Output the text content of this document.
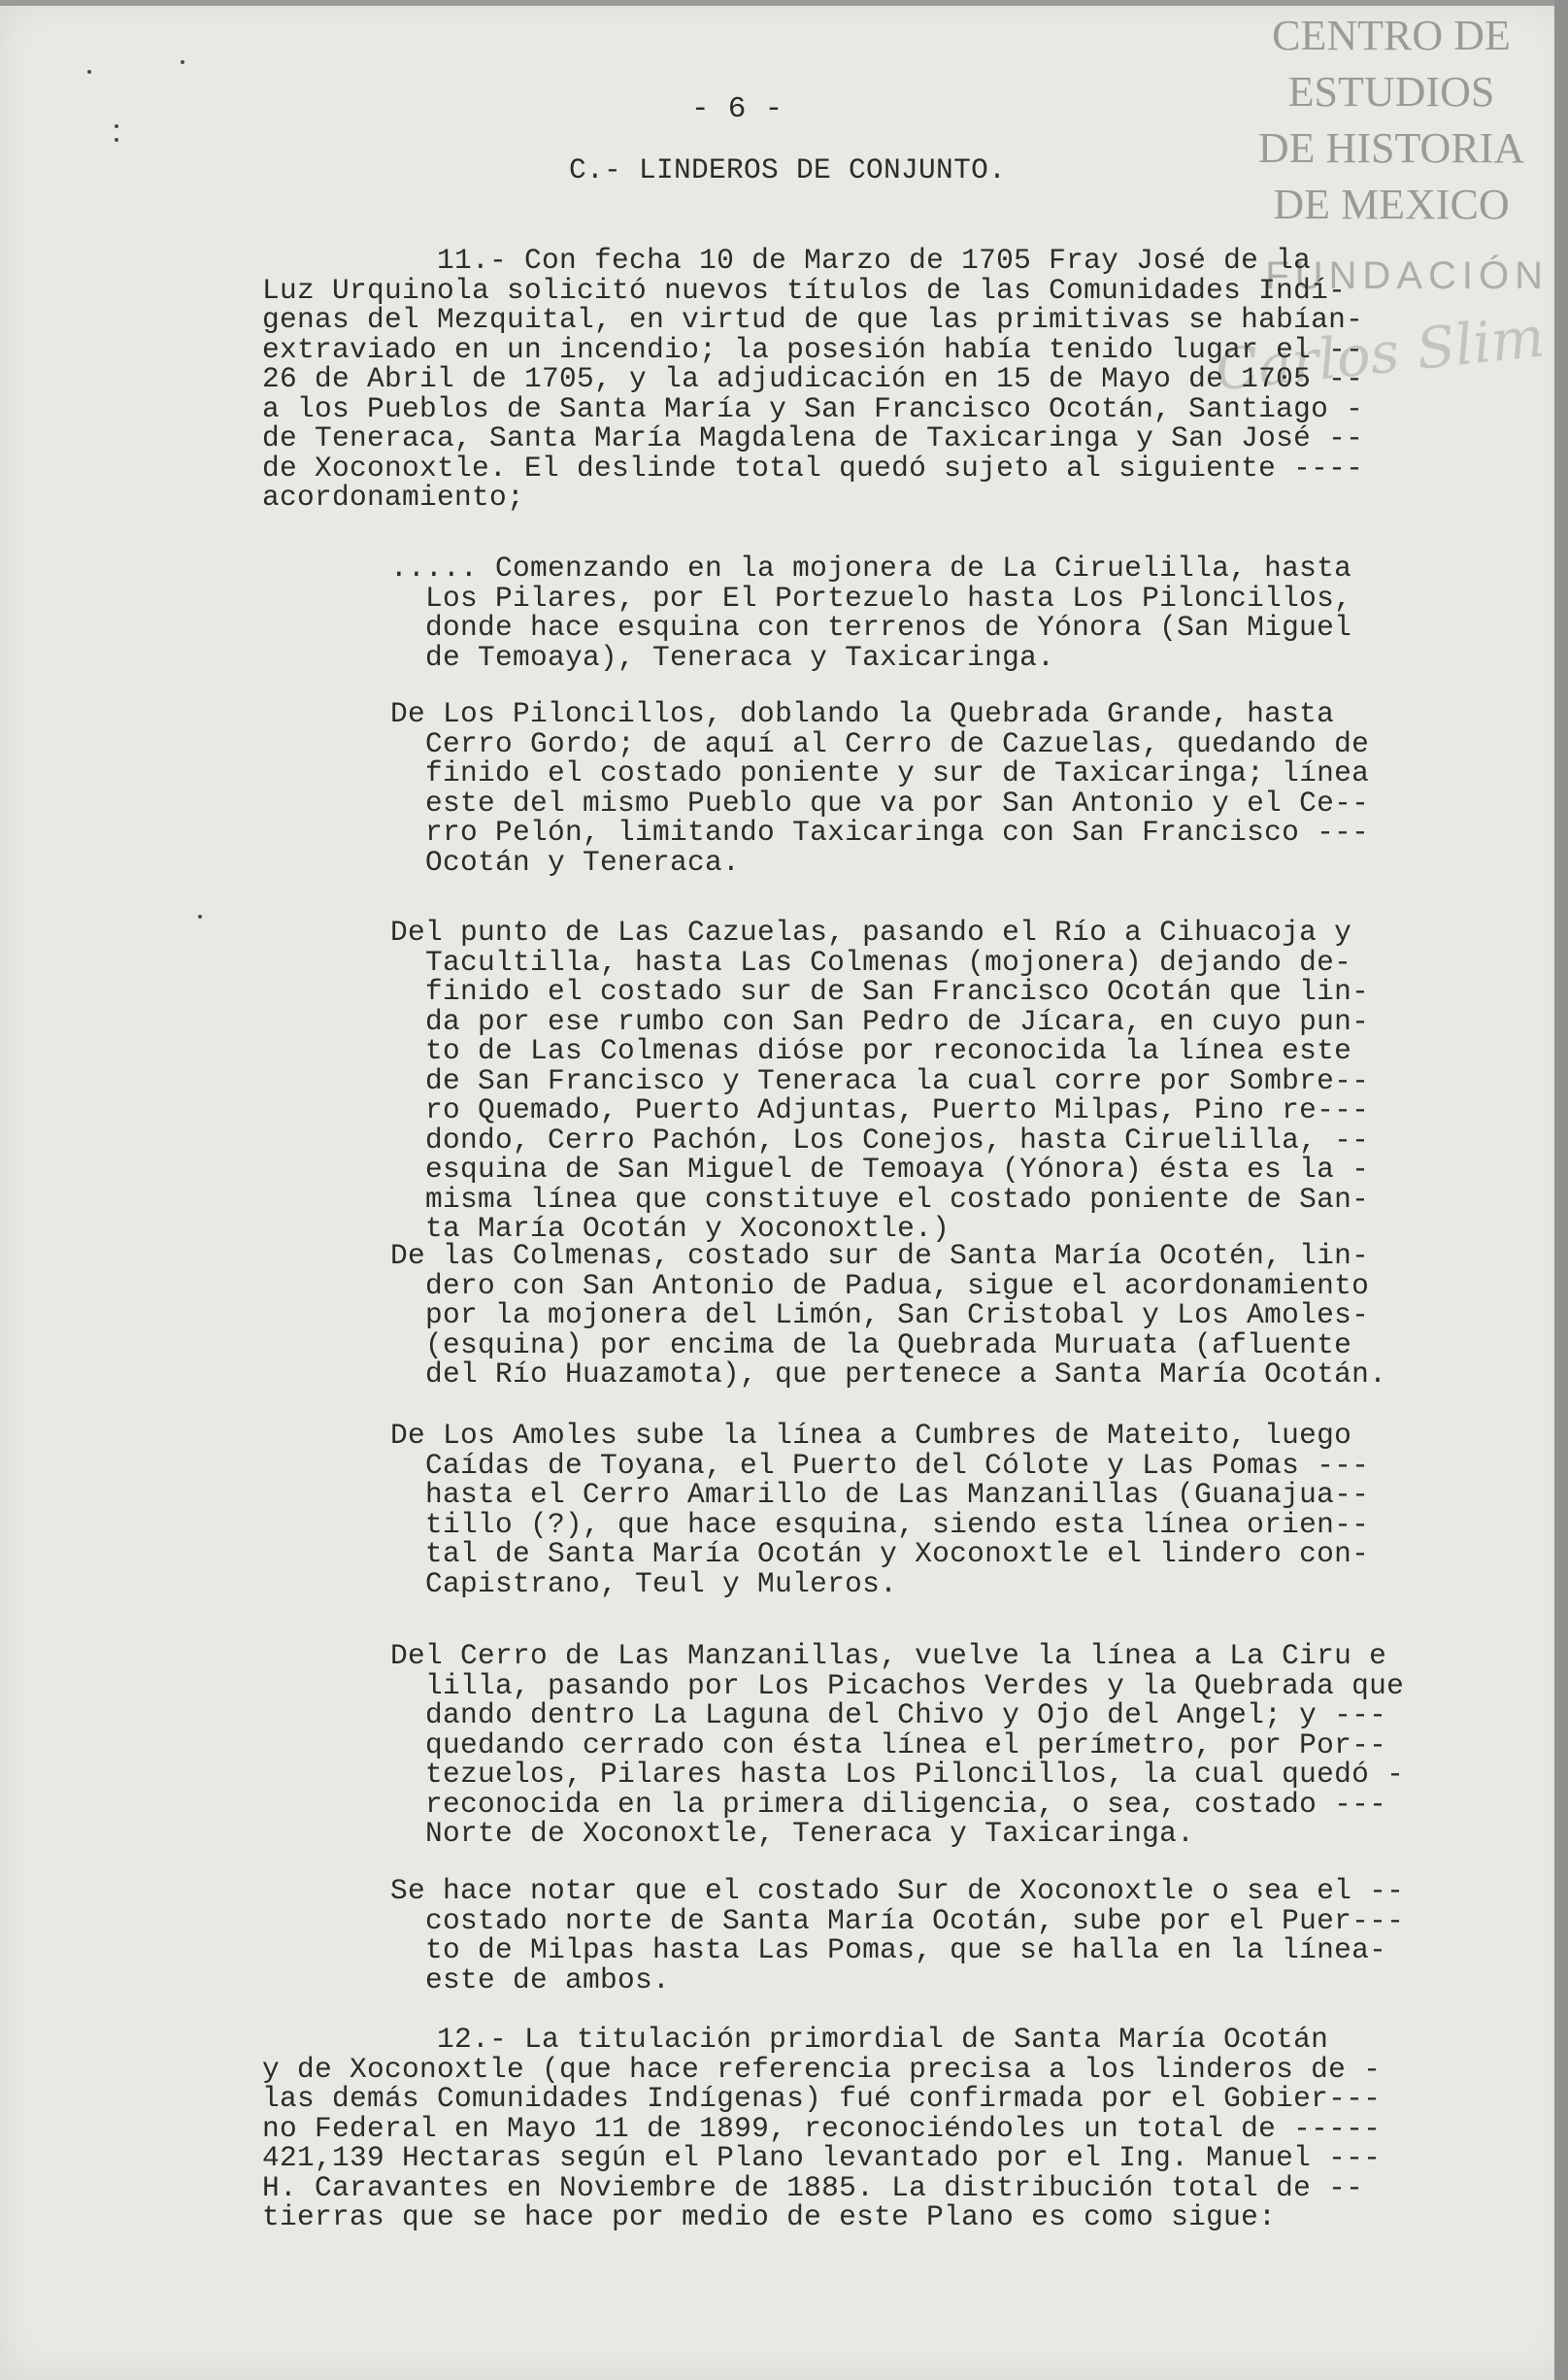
CENTRO DE
ESTUDIOS
DE HISTORIA
DE MEXICO
FUNDACIÓN
Carlos Slim

- 6 -

C.- LINDEROS DE CONJUNTO.

11.- Con fecha 10 de Marzo de 1705 Fray José de la
Luz Urquinola solicitó nuevos títulos de las Comunidades Indí-
genas del Mezquital, en virtud de que las primitivas se habían-
extraviado en un incendio; la posesión había tenido lugar el --
26 de Abril de 1705, y la adjudicación en 15 de Mayo de 1705 --
a los Pueblos de Santa María y San Francisco Ocotán, Santiago -
de Teneraca, Santa María Magdalena de Taxicaringa y San José --
de Xoconoxtle. El deslinde total quedó sujeto al siguiente ----
acordonamiento;

..... Comenzando en la mojonera de La Ciruelilla, hasta
Los Pilares, por El Portezuelo hasta Los Piloncillos,
donde hace esquina con terrenos de Yónora (San Miguel
de Temoaya), Teneraca y Taxicaringa.

De Los Piloncillos, doblando la Quebrada Grande, hasta
Cerro Gordo; de aquí al Cerro de Cazuelas, quedando de
finido el costado poniente y sur de Taxicaringa; línea
este del mismo Pueblo que va por San Antonio y el Ce--
rro Pelón, limitando Taxicaringa con San Francisco ---
Ocotán y Teneraca.

Del punto de Las Cazuelas, pasando el Río a Cihuacoja y
Tacultilla, hasta Las Colmenas (mojonera) dejando de-
finido el costado sur de San Francisco Ocotán que lin-
da por ese rumbo con San Pedro de Jícara, en cuyo pun-
to de Las Colmenas dióse por reconocida la línea este
de San Francisco y Teneraca la cual corre por Sombre--
ro Quemado, Puerto Adjuntas, Puerto Milpas, Pino re---
dondo, Cerro Pachón, Los Conejos, hasta Ciruelilla, --
esquina de San Miguel de Temoaya (Yónora) ésta es la -
misma línea que constituye el costado poniente de San-
ta María Ocotán y Xoconoxtle.)

De las Colmenas, costado sur de Santa María Ocotén, lin-
dero con San Antonio de Padua, sigue el acordonamiento
por la mojonera del Limón, San Cristobal y Los Amoles-
(esquina) por encima de la Quebrada Muruata (afluente
del Río Huazamota), que pertenece a Santa María Ocotán.

De Los Amoles sube la línea a Cumbres de Mateito, luego
Caídas de Toyana, el Puerto del Cólote y Las Pomas ---
hasta el Cerro Amarillo de Las Manzanillas (Guanajua--
tillo (?), que hace esquina, siendo esta línea orien--
tal de Santa María Ocotán y Xoconoxtle el lindero con-
Capistrano, Teul y Muleros.

Del Cerro de Las Manzanillas, vuelve la línea a La Ciru e
lilla, pasando por Los Picachos Verdes y la Quebrada que
dando dentro La Laguna del Chivo y Ojo del Angel; y ---
quedando cerrado con ésta línea el perímetro, por Por--
tezuelos, Pilares hasta Los Piloncillos, la cual quedó -
reconocida en la primera diligencia, o sea, costado ---
Norte de Xoconoxtle, Teneraca y Taxicaringa.

Se hace notar que el costado Sur de Xoconoxtle o sea el --
costado norte de Santa María Ocotán, sube por el Puer---
to de Milpas hasta Las Pomas, que se halla en la línea-
este de ambos.

12.- La titulación primordial de Santa María Ocotán
y de Xoconoxtle (que hace referencia precisa a los linderos de -
las demás Comunidades Indígenas) fué confirmada por el Gobier---
no Federal en Mayo 11 de 1899, reconociéndoles un total de -----
421,139 Hectaras según el Plano levantado por el Ing. Manuel ---
H. Caravantes en Noviembre de 1885. La distribución total de --
tierras que se hace por medio de este Plano es como sigue:
